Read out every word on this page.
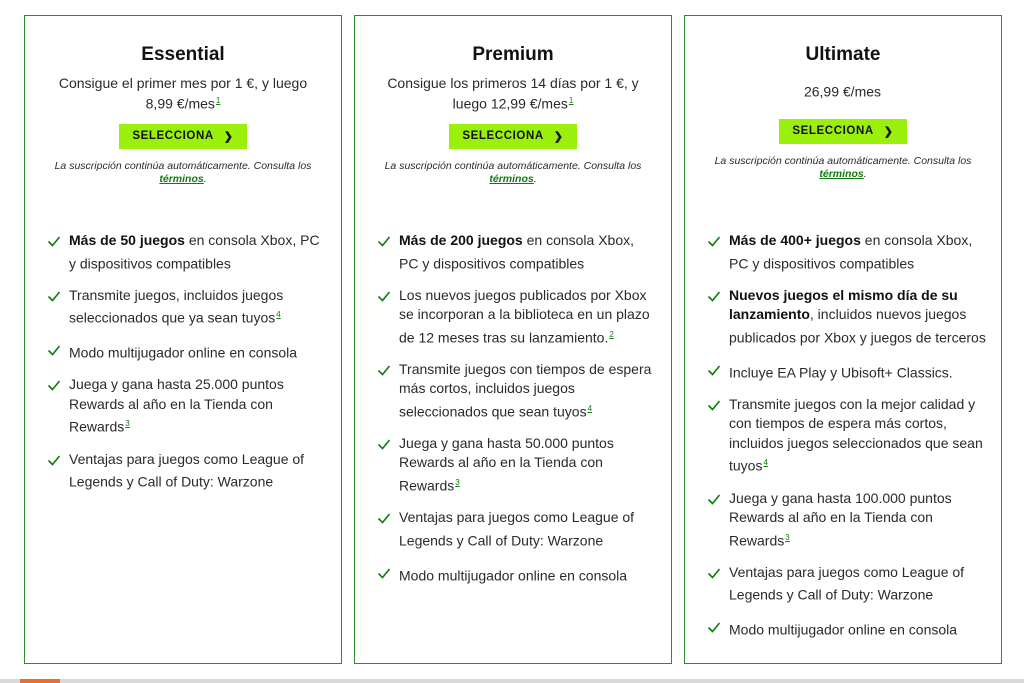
Essential
Consigue el primer mes por 1 €, y luego 8,99 €/mes$^1$
SELECCIONA ❯
La suscripción continúa automáticamente. Consulta los términos.
Más de 50 juegos en consola Xbox, PC y dispositivos compatibles
Transmite juegos, incluidos juegos seleccionados que ya sean tuyos$^4$
Modo multijugador online en consola
Juega y gana hasta 25.000 puntos Rewards al año en la Tienda con Rewards$^3$
Ventajas para juegos como League of Legends y Call of Duty: Warzone
Premium
Consigue los primeros 14 días por 1 €, y luego 12,99 €/mes$^1$
SELECCIONA ❯
La suscripción continúa automáticamente. Consulta los términos.
Más de 200 juegos en consola Xbox, PC y dispositivos compatibles
Los nuevos juegos publicados por Xbox se incorporan a la biblioteca en un plazo de 12 meses tras su lanzamiento.$^2$
Transmite juegos con tiempos de espera más cortos, incluidos juegos seleccionados que sean tuyos$^4$
Juega y gana hasta 50.000 puntos Rewards al año en la Tienda con Rewards$^3$
Ventajas para juegos como League of Legends y Call of Duty: Warzone
Modo multijugador online en consola
Ultimate
26,99 €/mes
SELECCIONA ❯
La suscripción continúa automáticamente. Consulta los términos.
Más de 400+ juegos en consola Xbox, PC y dispositivos compatibles
Nuevos juegos el mismo día de su lanzamiento, incluidos nuevos juegos publicados por Xbox y juegos de terceros
Incluye EA Play y Ubisoft+ Classics.
Transmite juegos con la mejor calidad y con tiempos de espera más cortos, incluidos juegos seleccionados que sean tuyos$^4$
Juega y gana hasta 100.000 puntos Rewards al año en la Tienda con Rewards$^3$
Ventajas para juegos como League of Legends y Call of Duty: Warzone
Modo multijugador online en consola
